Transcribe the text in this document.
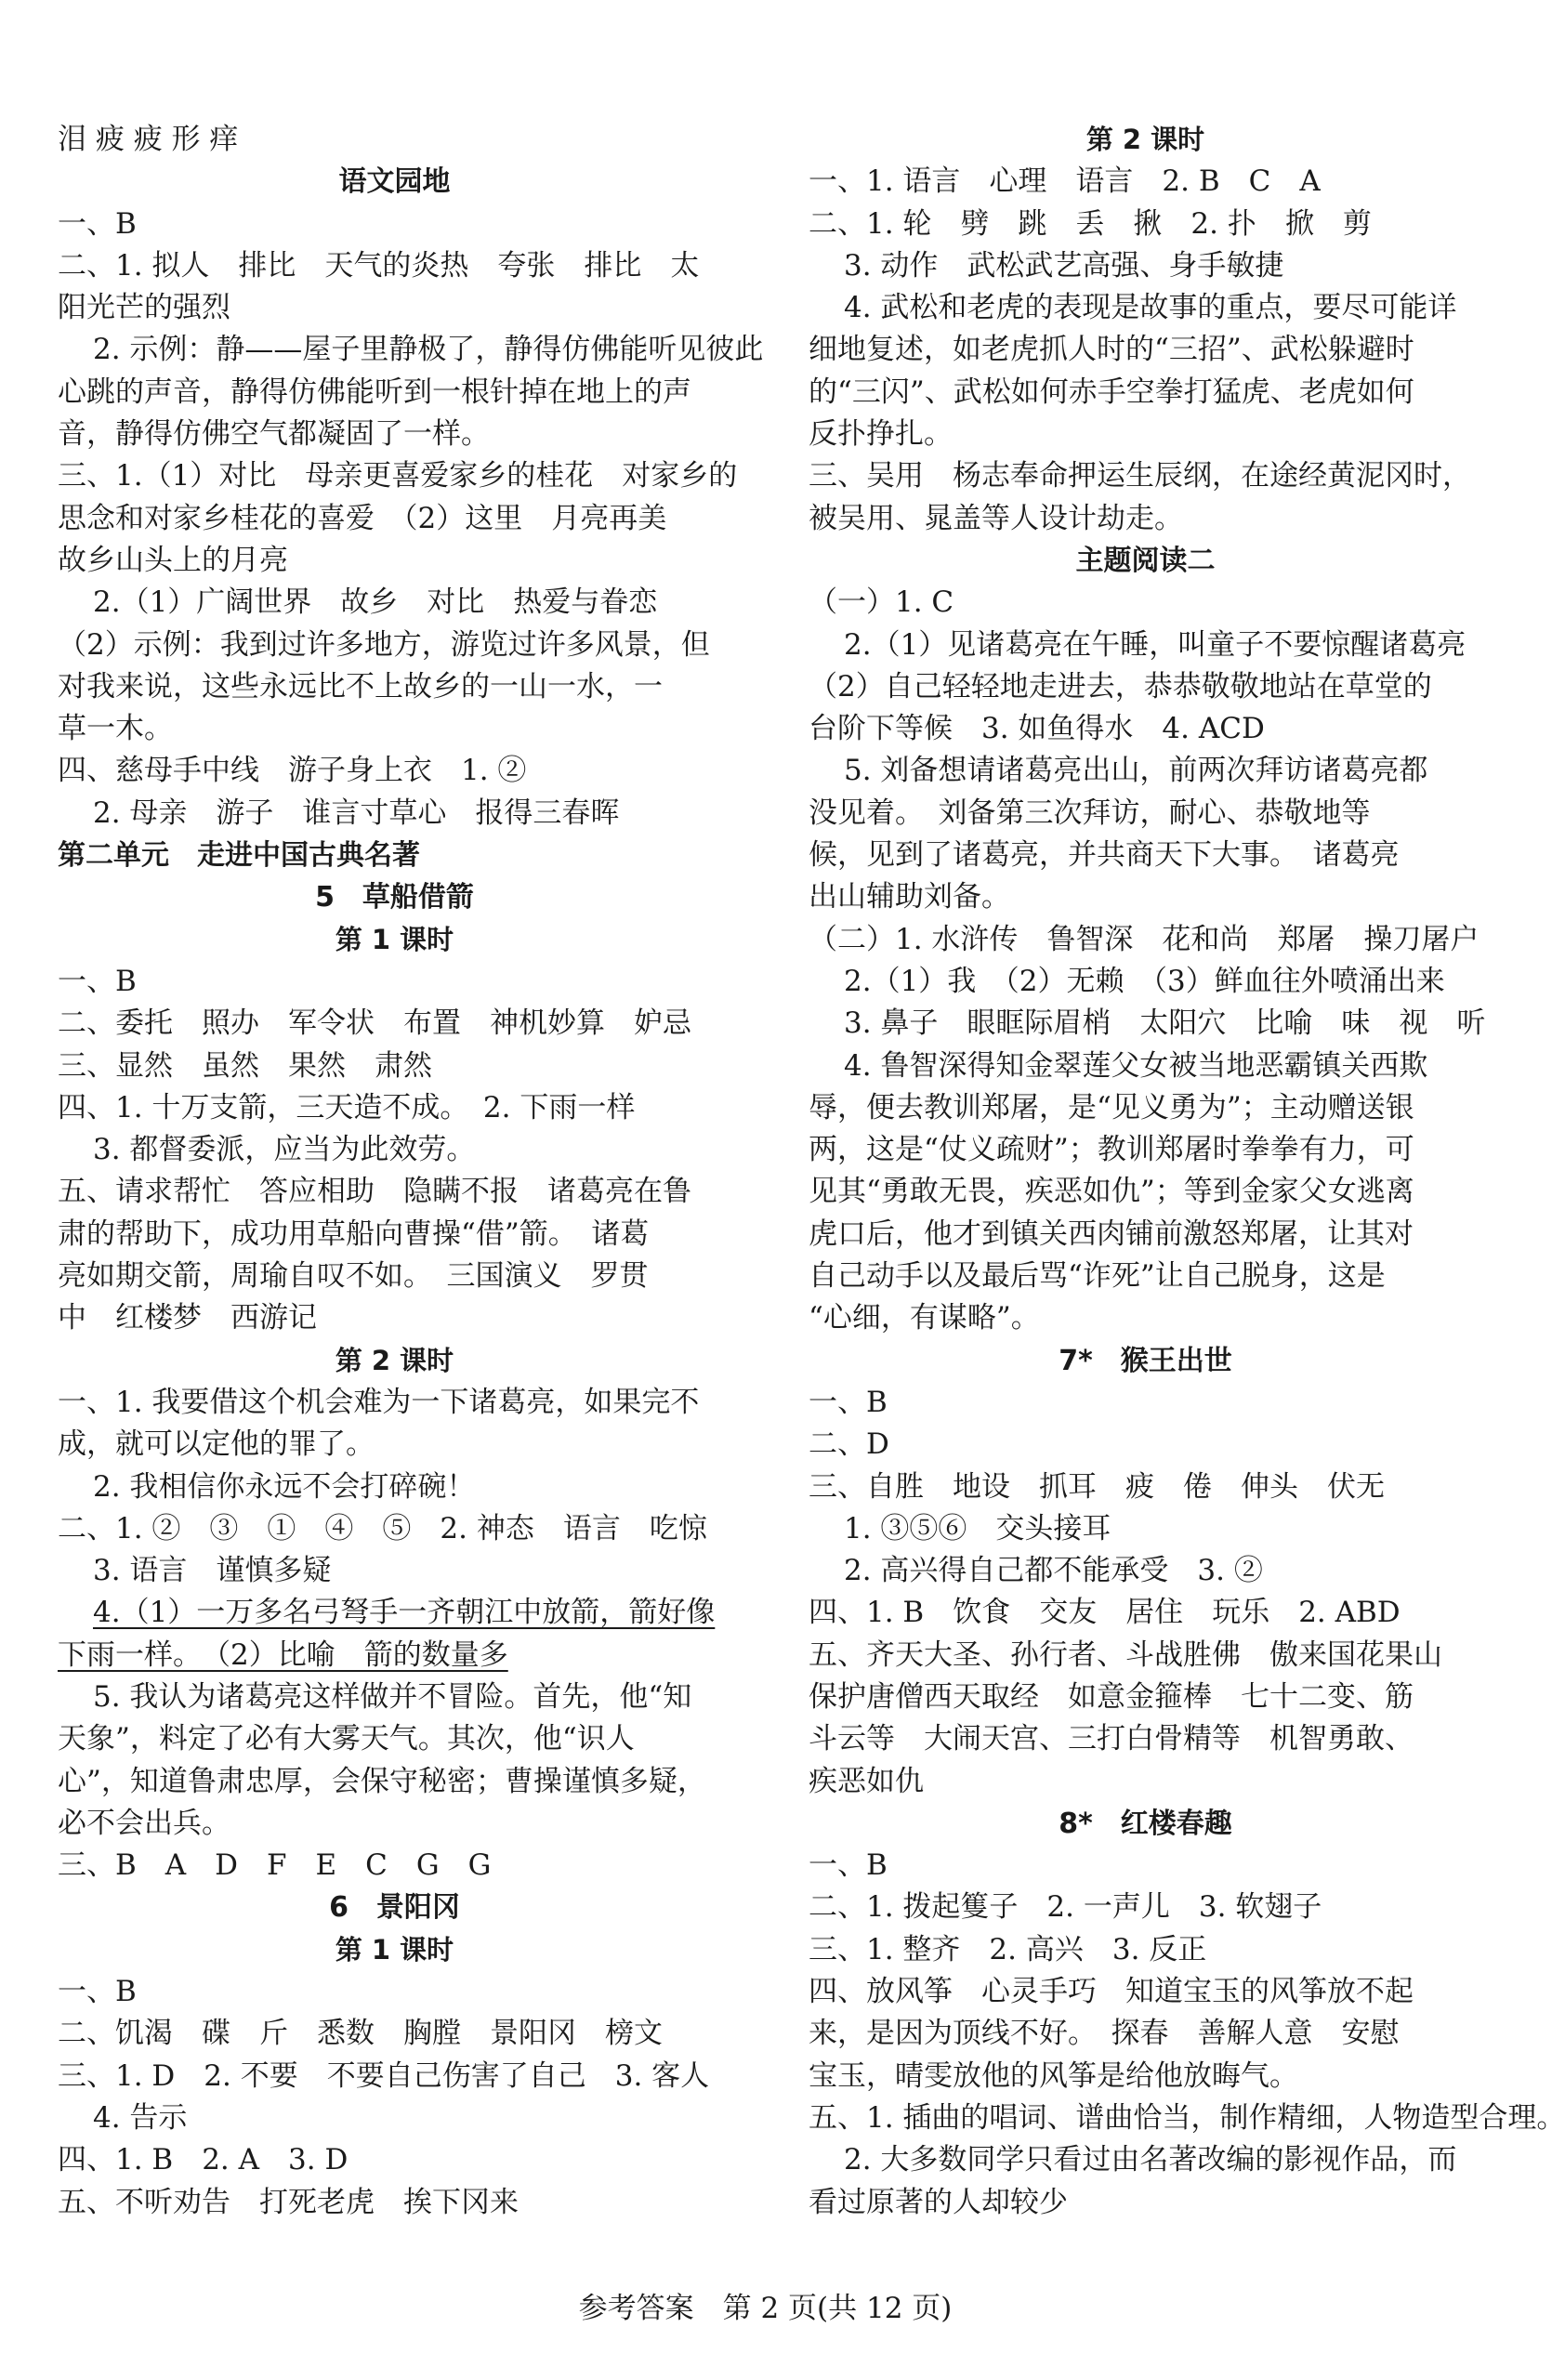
泪 疲 疲 形 痒
语文园地
一、B
二、1. 拟人　排比　天气的炎热　夸张　排比　太
阳光芒的强烈
2. 示例：静——屋子里静极了，静得仿佛能听见彼此
心跳的声音，静得仿佛能听到一根针掉在地上的声
音，静得仿佛空气都凝固了一样。
三、1.（1）对比　母亲更喜爱家乡的桂花　对家乡的
思念和对家乡桂花的喜爱　（2）这里　月亮再美
故乡山头上的月亮
2.（1）广阔世界　故乡　对比　热爱与眷恋
（2）示例：我到过许多地方，游览过许多风景，但
对我来说，这些永远比不上故乡的一山一水，一
草一木。
四、慈母手中线　游子身上衣　1. ②
2. 母亲　游子　谁言寸草心　报得三春晖
第二单元　走进中国古典名著
5　草船借箭
第 1 课时
一、B
二、委托　照办　军令状　布置　神机妙算　妒忌
三、显然　虽然　果然　肃然
四、1. 十万支箭，三天造不成。　2. 下雨一样
3. 都督委派，应当为此效劳。
五、请求帮忙　答应相助　隐瞒不报　诸葛亮在鲁
肃的帮助下，成功用草船向曹操“借”箭。　诸葛
亮如期交箭，周瑜自叹不如。　三国演义　罗贯
中　红楼梦　西游记
第 2 课时
一、1. 我要借这个机会难为一下诸葛亮，如果完不
成，就可以定他的罪了。
2. 我相信你永远不会打碎碗！
二、1. ②　③　①　④　⑤　2. 神态　语言　吃惊
3. 语言　谨慎多疑
4.（1）一万多名弓弩手一齐朝江中放箭，箭好像
下雨一样。　（2）比喻　箭的数量多
5. 我认为诸葛亮这样做并不冒险。首先，他“知
天象”，料定了必有大雾天气。其次，他“识人
心”，知道鲁肃忠厚，会保守秘密；曹操谨慎多疑，
必不会出兵。
三、B　A　D　F　E　C　G　G
6　景阳冈
第 1 课时
一、B
二、饥渴　碟　斤　悉数　胸膛　景阳冈　榜文
三、1. D　2. 不要　不要自己伤害了自己　3. 客人
4. 告示
四、1. B　2. A　3. D
五、不听劝告　打死老虎　挨下冈来
第 2 课时
一、1. 语言　心理　语言　2. B　C　A
二、1. 轮　劈　跳　丢　揪　2. 扑　掀　剪
3. 动作　武松武艺高强、身手敏捷
4. 武松和老虎的表现是故事的重点，要尽可能详
细地复述，如老虎抓人时的“三招”、武松躲避时
的“三闪”、武松如何赤手空拳打猛虎、老虎如何
反扑挣扎。
三、吴用　杨志奉命押运生辰纲，在途经黄泥冈时，
被吴用、晁盖等人设计劫走。
主题阅读二
（一）1. C
2.（1）见诸葛亮在午睡，叫童子不要惊醒诸葛亮
（2）自己轻轻地走进去，恭恭敬敬地站在草堂的
台阶下等候　3. 如鱼得水　4. ACD
5. 刘备想请诸葛亮出山，前两次拜访诸葛亮都
没见着。　刘备第三次拜访，耐心、恭敬地等
候，见到了诸葛亮，并共商天下大事。　诸葛亮
出山辅助刘备。
（二）1. 水浒传　鲁智深　花和尚　郑屠　操刀屠户
2.（1）我　（2）无赖　（3）鲜血往外喷涌出来
3. 鼻子　眼眶际眉梢　太阳穴　比喻　味　视　听
4. 鲁智深得知金翠莲父女被当地恶霸镇关西欺
辱，便去教训郑屠，是“见义勇为”；主动赠送银
两，这是“仗义疏财”；教训郑屠时拳拳有力，可
见其“勇敢无畏，疾恶如仇”；等到金家父女逃离
虎口后，他才到镇关西肉铺前激怒郑屠，让其对
自己动手以及最后骂“诈死”让自己脱身，这是
“心细，有谋略”。
7*　猴王出世
一、B
二、D
三、自胜　地设　抓耳　疲　倦　伸头　伏无
1. ③⑤⑥　交头接耳
2. 高兴得自己都不能承受　3. ②
四、1. B　饮食　交友　居住　玩乐　2. ABD
五、齐天大圣、孙行者、斗战胜佛　傲来国花果山
保护唐僧西天取经　如意金箍棒　七十二变、筋
斗云等　大闹天宫、三打白骨精等　机智勇敢、
疾恶如仇
8*　红楼春趣
一、B
二、1. 拨起篗子　2. 一声儿　3. 软翅子
三、1. 整齐　2. 高兴　3. 反正
四、放风筝　心灵手巧　知道宝玉的风筝放不起
来，是因为顶线不好。　探春　善解人意　安慰
宝玉，晴雯放他的风筝是给他放晦气。
五、1. 插曲的唱词、谱曲恰当，制作精细，人物造型合理。
2. 大多数同学只看过由名著改编的影视作品，而
看过原著的人却较少
参考答案　第 2 页(共 12 页)
